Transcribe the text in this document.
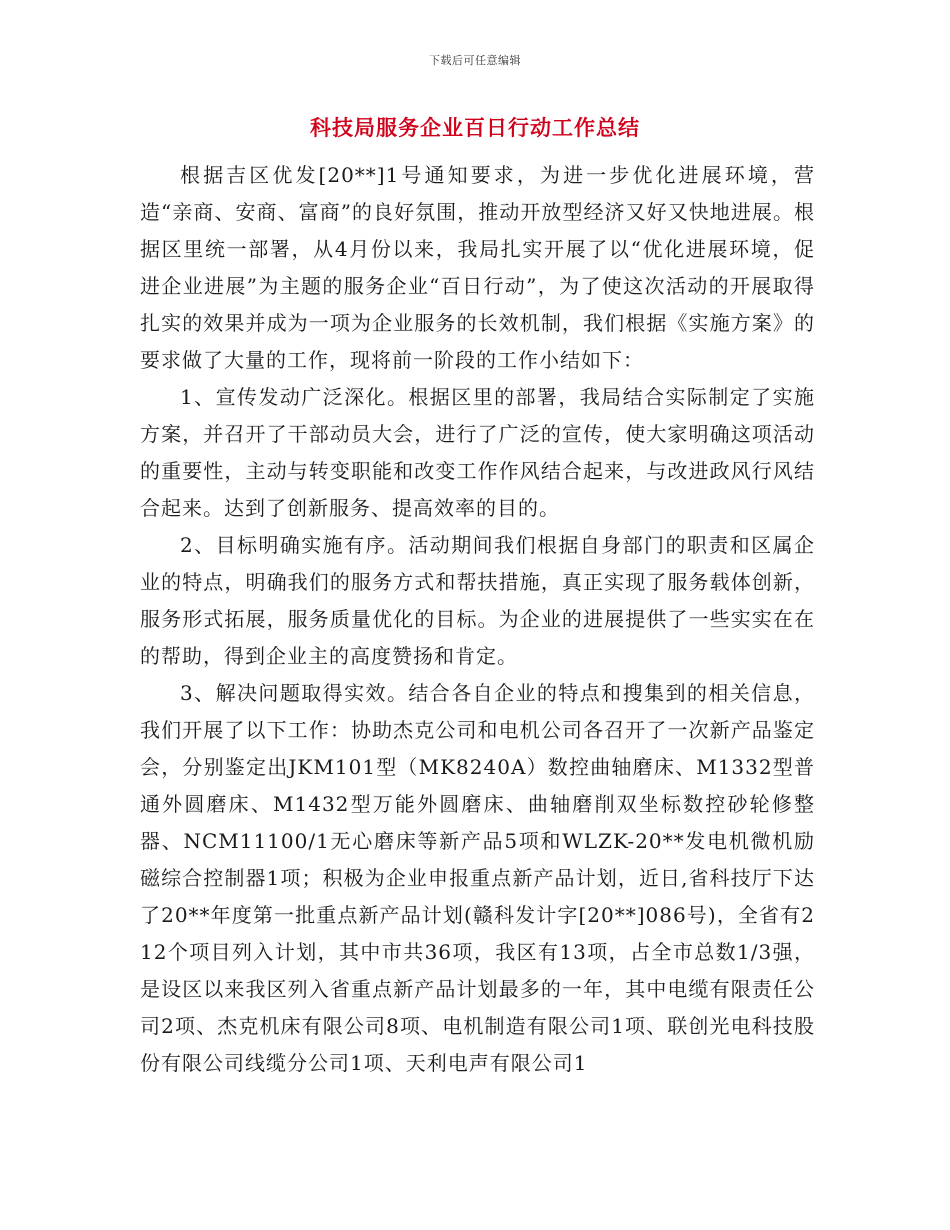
下载后可任意编辑
科技局服务企业百日行动工作总结

根据吉区优发[20**]1号通知要求，为进一步优化进展环境，营造“亲商、安商、富商”的良好氛围，推动开放型经济又好又快地进展。根据区里统一部署，从4月份以来，我局扎实开展了以“优化进展环境，促进企业进展”为主题的服务企业“百日行动”，为了使这次活动的开展取得扎实的效果并成为一项为企业服务的长效机制，我们根据《实施方案》的要求做了大量的工作，现将前一阶段的工作小结如下：

1、宣传发动广泛深化。根据区里的部署，我局结合实际制定了实施方案，并召开了干部动员大会，进行了广泛的宣传，使大家明确这项活动的重要性，主动与转变职能和改变工作作风结合起来，与改进政风行风结合起来。达到了创新服务、提高效率的目的。

2、目标明确实施有序。活动期间我们根据自身部门的职责和区属企业的特点，明确我们的服务方式和帮扶措施，真正实现了服务载体创新，服务形式拓展，服务质量优化的目标。为企业的进展提供了一些实实在在的帮助，得到企业主的高度赞扬和肯定。

3、解决问题取得实效。结合各自企业的特点和搜集到的相关信息，我们开展了以下工作：协助杰克公司和电机公司各召开了一次新产品鉴定会，分别鉴定出JKM101型（MK8240A）数控曲轴磨床、M1332型普通外圆磨床、M1432型万能外圆磨床、曲轴磨削双坐标数控砂轮修整器、NCM11100/1无心磨床等新产品5项和WLZK-20**发电机微机励磁综合控制器1项；积极为企业申报重点新产品计划，近日,省科技厅下达了20**年度第一批重点新产品计划(赣科发计字[20**]086号)，全省有212个项目列入计划，其中市共36项，我区有13项，占全市总数1/3强，是设区以来我区列入省重点新产品计划最多的一年，其中电缆有限责任公司2项、杰克机床有限公司8项、电机制造有限公司1项、联创光电科技股份有限公司线缆分公司1项、天利电声有限公司1
